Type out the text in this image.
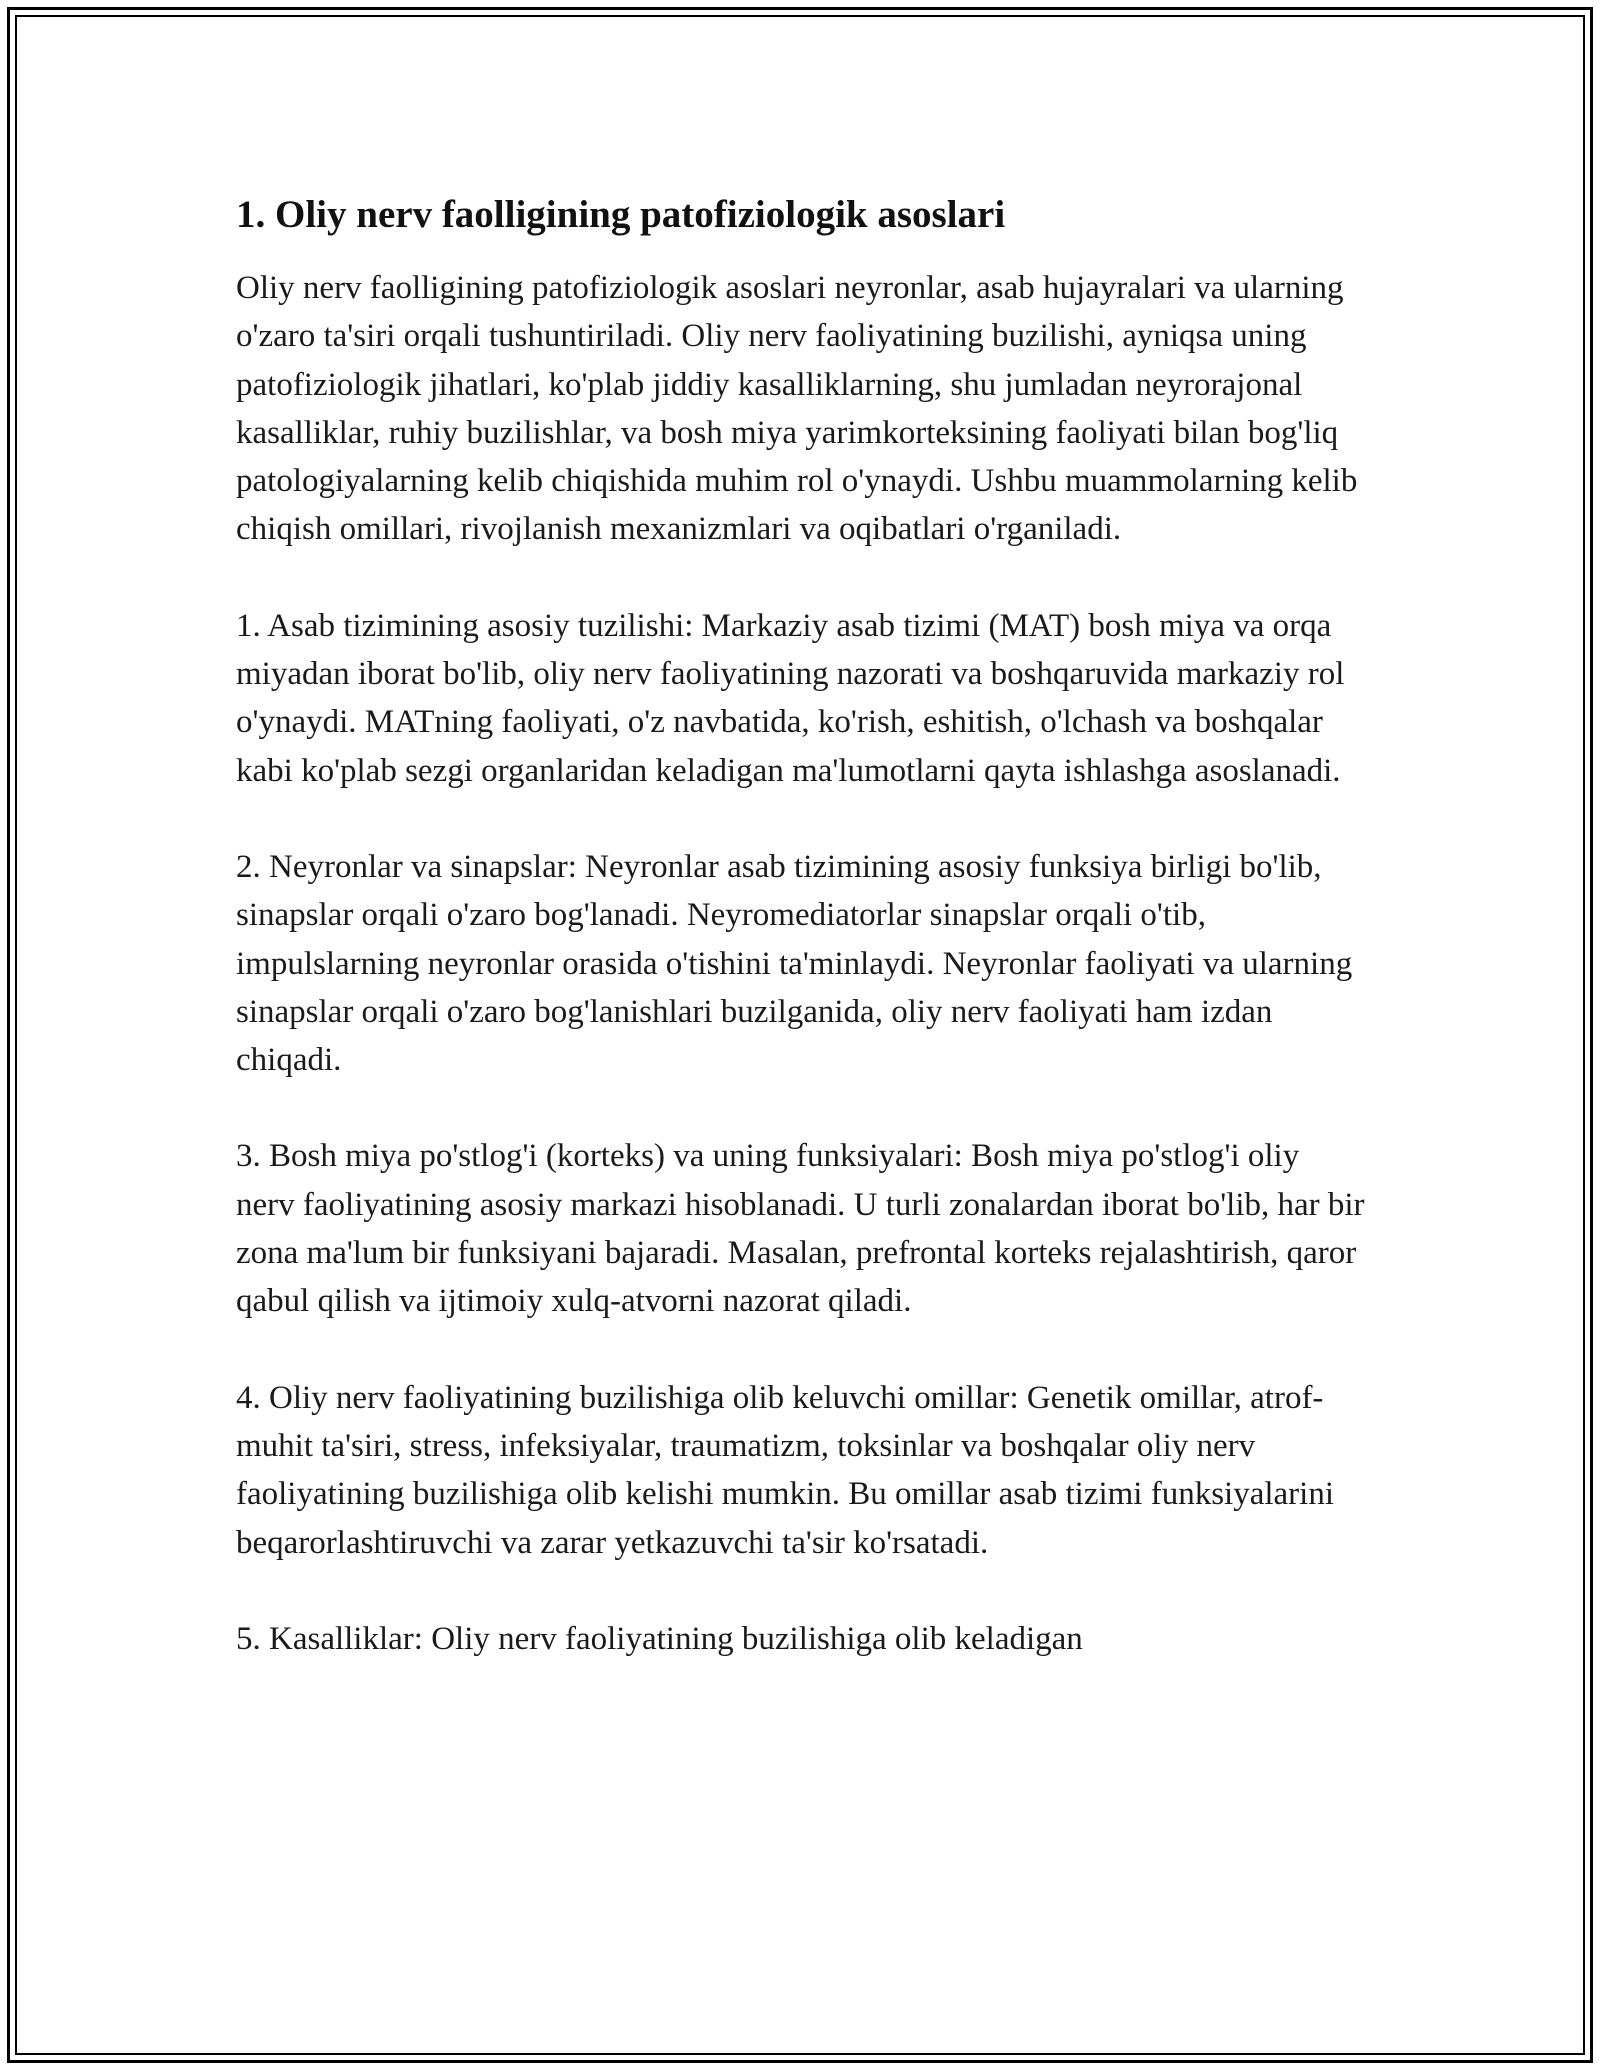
1. Oliy nerv faolligining patofiziologik asoslari

Oliy nerv faolligining patofiziologik asoslari neyronlar, asab hujayralari va ularning o'zaro ta'siri orqali tushuntiriladi. Oliy nerv faoliyatining buzilishi, ayniqsa uning patofiziologik jihatlari, ko'plab jiddiy kasalliklarning, shu jumladan neyrorajonal kasalliklar, ruhiy buzilishlar, va bosh miya yarimkorteksining faoliyati bilan bog'liq patologiyalarning kelib chiqishida muhim rol o'ynaydi. Ushbu muammolarning kelib chiqish omillari, rivojlanish mexanizmlari va oqibatlari o'rganiladi.

1. Asab tizimining asosiy tuzilishi: Markaziy asab tizimi (MAT) bosh miya va orqa miyadan iborat bo'lib, oliy nerv faoliyatining nazorati va boshqaruvida markaziy rol o'ynaydi. MATning faoliyati, o'z navbatida, ko'rish, eshitish, o'lchash va boshqalar kabi ko'plab sezgi organlaridan keladigan ma'lumotlarni qayta ishlashga asoslanadi.

2. Neyronlar va sinapslar: Neyronlar asab tizimining asosiy funksiya birligi bo'lib, sinapslar orqali o'zaro bog'lanadi. Neyromediatorlar sinapslar orqali o'tib, impulslarning neyronlar orasida o'tishini ta'minlaydi. Neyronlar faoliyati va ularning sinapslar orqali o'zaro bog'lanishlari buzilganida, oliy nerv faoliyati ham izdan chiqadi.

3. Bosh miya po'stlog'i (korteks) va uning funksiyalari: Bosh miya po'stlog'i oliy nerv faoliyatining asosiy markazi hisoblanadi. U turli zonalardan iborat bo'lib, har bir zona ma'lum bir funksiyani bajaradi. Masalan, prefrontal korteks rejalashtirish, qaror qabul qilish va ijtimoiy xulq-atvorni nazorat qiladi.

4. Oliy nerv faoliyatining buzilishiga olib keluvchi omillar: Genetik omillar, atrof-muhit ta'siri, stress, infeksiyalar, traumatizm, toksinlar va boshqalar oliy nerv faoliyatining buzilishiga olib kelishi mumkin. Bu omillar asab tizimi funksiyalarini beqarorlashtiruvchi va zarar yetkazuvchi ta'sir ko'rsatadi.

5. Kasalliklar: Oliy nerv faoliyatining buzilishiga olib keladigan
